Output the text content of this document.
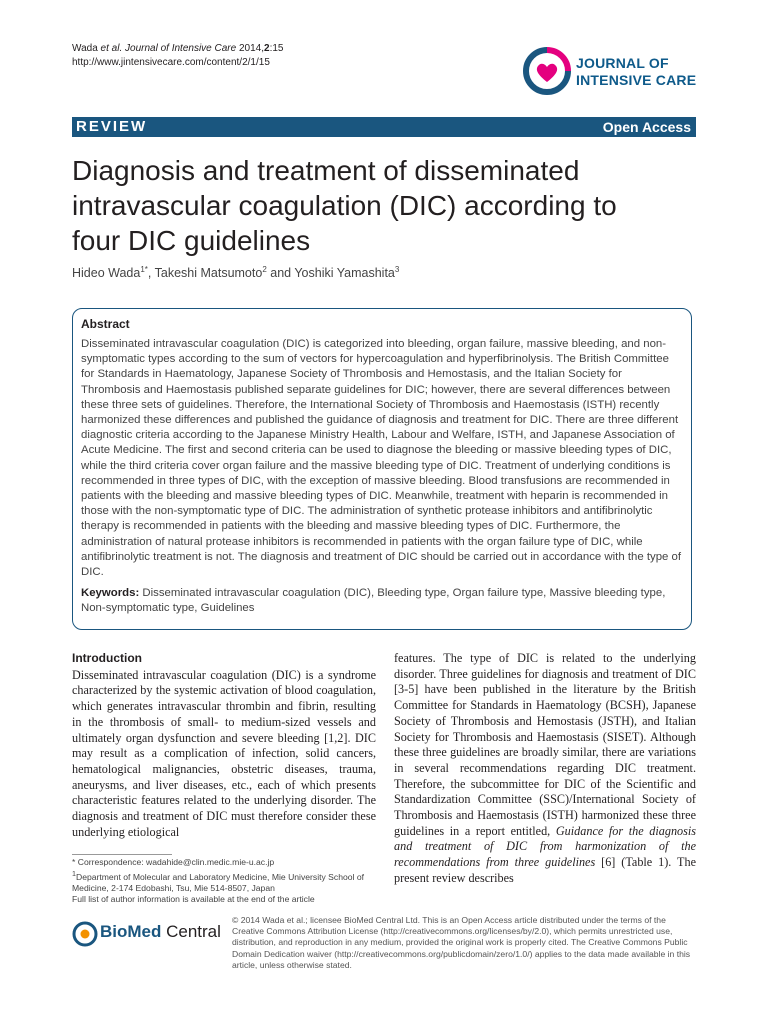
Wada et al. Journal of Intensive Care 2014,2:15
http://www.jintensivecare.com/content/2/1/15	JOURNAL OF
INTENSIVE CARE
REVIEW	Open Access
Diagnosis and treatment of disseminated intravascular coagulation (DIC) according to four DIC guidelines
Hideo Wada$^{1*}$, Takeshi Matsumoto$^2$ and Yoshiki Yamashita$^3$
Abstract

Disseminated intravascular coagulation (DIC) is categorized into bleeding, organ failure, massive bleeding, and non-symptomatic types according to the sum of vectors for hypercoagulation and hyperfibrinolysis. The British Committee for Standards in Haematology, Japanese Society of Thrombosis and Hemostasis, and the Italian Society for Thrombosis and Haemostasis published separate guidelines for DIC; however, there are several differences between these three sets of guidelines. Therefore, the International Society of Thrombosis and Haemostasis (ISTH) recently harmonized these differences and published the guidance of diagnosis and treatment for DIC. There are three different diagnostic criteria according to the Japanese Ministry Health, Labour and Welfare, ISTH, and Japanese Association of Acute Medicine. The first and second criteria can be used to diagnose the bleeding or massive bleeding types of DIC, while the third criteria cover organ failure and the massive bleeding type of DIC. Treatment of underlying conditions is recommended in three types of DIC, with the exception of massive bleeding. Blood transfusions are recommended in patients with the bleeding and massive bleeding types of DIC. Meanwhile, treatment with heparin is recommended in those with the non-symptomatic type of DIC. The administration of synthetic protease inhibitors and antifibrinolytic therapy is recommended in patients with the bleeding and massive bleeding types of DIC. Furthermore, the administration of natural protease inhibitors is recommended in patients with the organ failure type of DIC, while antifibrinolytic treatment is not. The diagnosis and treatment of DIC should be carried out in accordance with the type of DIC.

Keywords: Disseminated intravascular coagulation (DIC), Bleeding type, Organ failure type, Massive bleeding type, Non-symptomatic type, Guidelines

Introduction

Disseminated intravascular coagulation (DIC) is a syndrome characterized by the systemic activation of blood coagulation, which generates intravascular thrombin and fibrin, resulting in the thrombosis of small- to medium-sized vessels and ultimately organ dysfunction and severe bleeding [1,2]. DIC may result as a complication of infection, solid cancers, hematological malignancies, obstetric diseases, trauma, aneurysms, and liver diseases, etc., each of which presents characteristic features related to the underlying disorder. The diagnosis and treatment of DIC must therefore consider these underlying etiological

features. The type of DIC is related to the underlying disorder. Three guidelines for diagnosis and treatment of DIC [3-5] have been published in the literature by the British Committee for Standards in Haematology (BCSH), Japanese Society of Thrombosis and Hemostasis (JSTH), and Italian Society for Thrombosis and Haemostasis (SISET). Although these three guidelines are broadly similar, there are variations in several recommendations regarding DIC treatment. Therefore, the subcommittee for DIC of the Scientific and Standardization Committee (SSC)/International Society of Thrombosis and Haemostasis (ISTH) harmonized these three guidelines in a report entitled, Guidance for the diagnosis and treatment of DIC from harmonization of the recommendations from three guidelines [6] (Table 1). The present review describes

* Correspondence: wadahide@clin.medic.mie-u.ac.jp

$^1$Department of Molecular and Laboratory Medicine, Mie University School of Medicine, 2-174 Edobashi, Tsu, Mie 514-8507, Japan

Full list of author information is available at the end of the article

BioMed Central
© 2014 Wada et al.; licensee BioMed Central Ltd. This is an Open Access article distributed under the terms of the Creative Commons Attribution License (http://creativecommons.org/licenses/by/2.0), which permits unrestricted use, distribution, and reproduction in any medium, provided the original work is properly cited. The Creative Commons Public Domain Dedication waiver (http://creativecommons.org/publicdomain/zero/1.0/) applies to the data made available in this article, unless otherwise stated.
